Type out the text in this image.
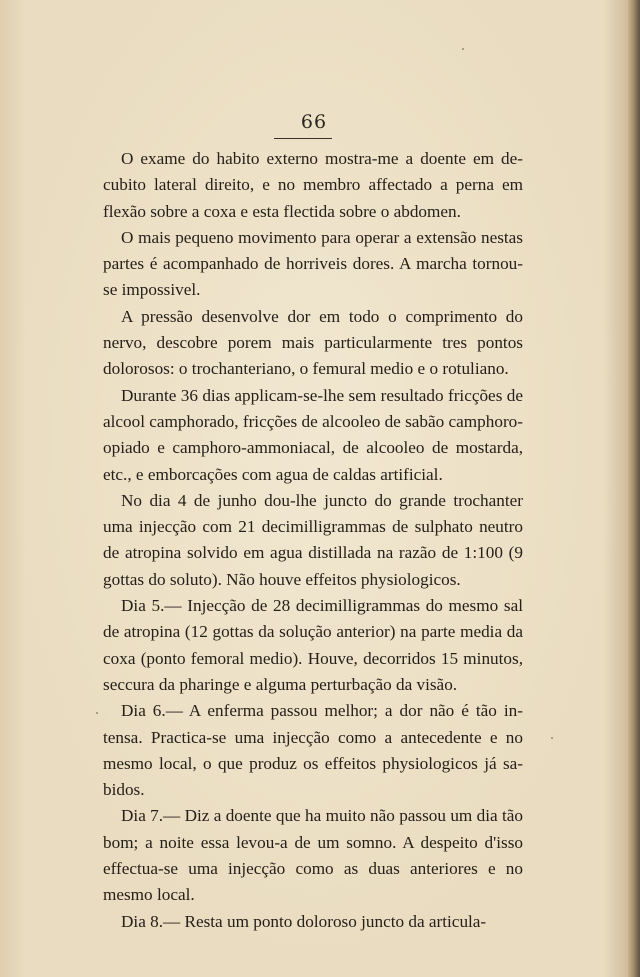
66

O exame do habito externo mostra-me a doente em decubito lateral direito, e no membro affectado a perna em flexão sobre a coxa e esta flectida sobre o abdomen.

O mais pequeno movimento para operar a extensão nestas partes é acompanhado de horriveis dores. A marcha tornou-se impossivel.

A pressão desenvolve dor em todo o comprimento do nervo, descobre porem mais particularmente tres pontos dolorosos: o trochanteriano, o femural medio e o rotuliano.

Durante 36 dias applicam-se-lhe sem resultado fricções de alcool camphorado, fricções de alcooleo de sabão camphoro-opiado e camphoro-ammoniacal, de alcooleo de mostarda, etc., e emborcações com agua de caldas artificial.

No dia 4 de junho dou-lhe juncto do grande trochanter uma injecção com 21 decimilligrammas de sulphato neutro de atropina solvido em agua distillada na razão de 1:100 (9 gottas do soluto). Não houve effeitos physiologicos.

Dia 5.— Injecção de 28 decimilligrammas do mesmo sal de atropina (12 gottas da solução anterior) na parte media da coxa (ponto femoral medio). Houve, decorridos 15 minutos, seccura da pharinge e alguma perturbação da visão.

Dia 6.— A enferma passou melhor; a dor não é tão intensa. Practica-se uma injecção como a antecedente e no mesmo local, o que produz os effeitos physiologicos já sabidos.

Dia 7.— Diz a doente que ha muito não passou um dia tão bom; a noite essa levou-a de um somno. A despeito d'isso effectua-se uma injecção como as duas anteriores e no mesmo local.

Dia 8.— Resta um ponto doloroso juncto da articula-
